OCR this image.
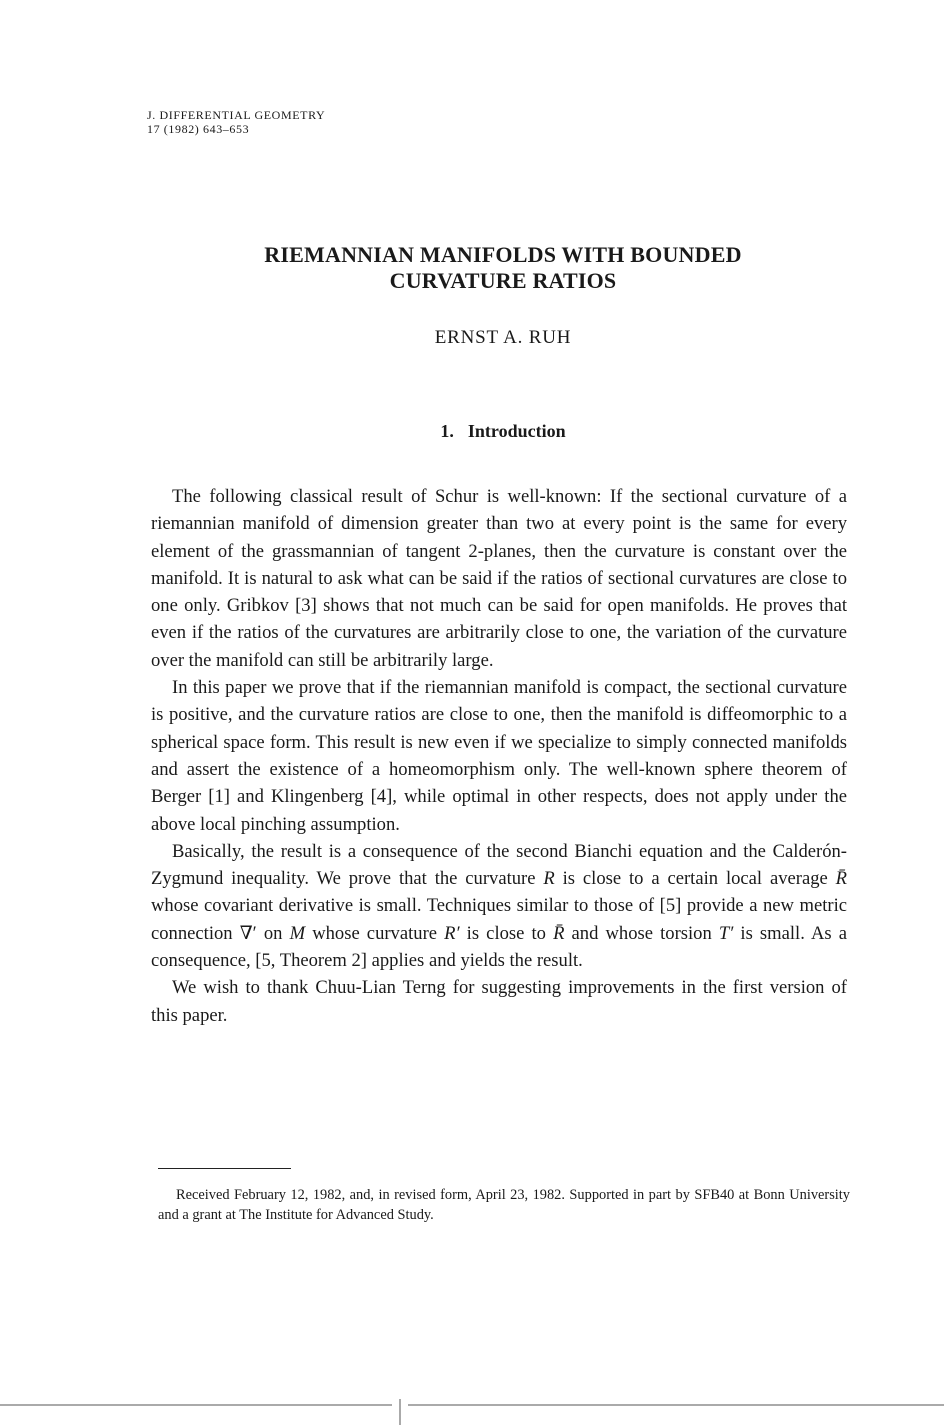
J. DIFFERENTIAL GEOMETRY
17 (1982) 643–653
RIEMANNIAN MANIFOLDS WITH BOUNDED
CURVATURE RATIOS
ERNST A. RUH
1. Introduction

The following classical result of Schur is well-known: If the sectional curvature of a riemannian manifold of dimension greater than two at every point is the same for every element of the grassmannian of tangent 2-planes, then the curvature is constant over the manifold. It is natural to ask what can be said if the ratios of sectional curvatures are close to one only. Gribkov [3] shows that not much can be said for open manifolds. He proves that even if the ratios of the curvatures are arbitrarily close to one, the variation of the curvature over the manifold can still be arbitrarily large.

In this paper we prove that if the riemannian manifold is compact, the sectional curvature is positive, and the curvature ratios are close to one, then the manifold is diffeomorphic to a spherical space form. This result is new even if we specialize to simply connected manifolds and assert the existence of a homeomorphism only. The well-known sphere theorem of Berger [1] and Klingenberg [4], while optimal in other respects, does not apply under the above local pinching assumption.

Basically, the result is a consequence of the second Bianchi equation and the Calderón-Zygmund inequality. We prove that the curvature R is close to a certain local average R̄ whose covariant derivative is small. Techniques similar to those of [5] provide a new metric connection ∇′ on M whose curvature R′ is close to R̄ and whose torsion T′ is small. As a consequence, [5, Theorem 2] applies and yields the result.

We wish to thank Chuu-Lian Terng for suggesting improvements in the first version of this paper.

Received February 12, 1982, and, in revised form, April 23, 1982. Supported in part by SFB40 at Bonn University and a grant at The Institute for Advanced Study.
